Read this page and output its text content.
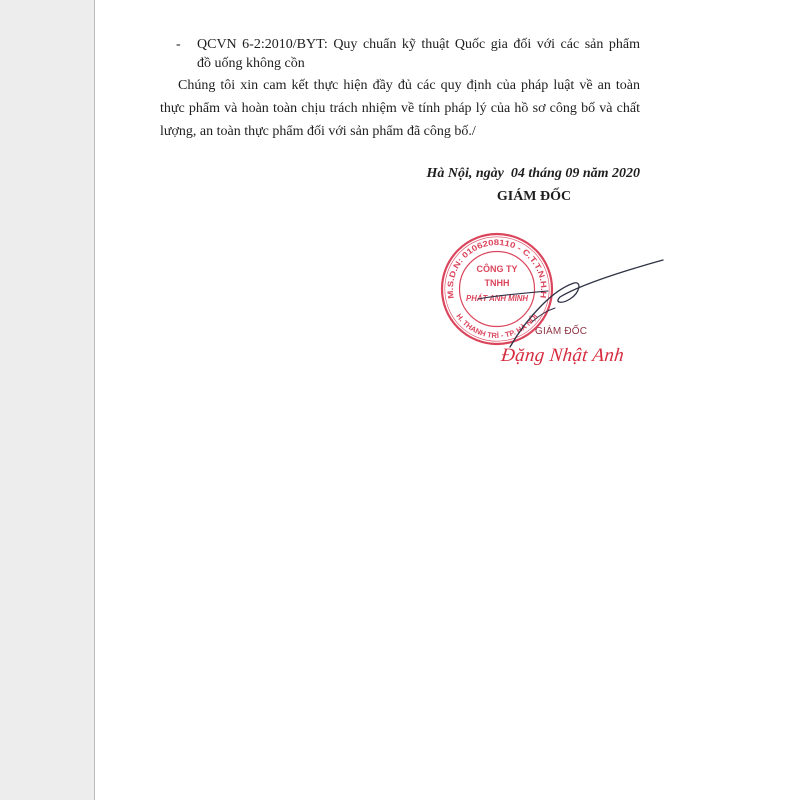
-	QCVN 6-2:2010/BYT: Quy chuẩn kỹ thuật Quốc gia đối với các sản phẩm
đồ uống không cồn
Chúng tôi xin cam kết thực hiện đầy đủ các quy định của pháp luật về an toàn
thực phẩm và hoàn toàn chịu trách nhiệm về tính pháp lý của hồ sơ công bố và chất
lượng, an toàn thực phẩm đối với sản phẩm đã công bố./
Hà Nội, ngày  04 tháng 09 năm 2020
GIÁM ĐỐC
GIÁM ĐỐC
Đặng Nhật Anh
M.S.D.N: 0106208110 - C.T.T.N.H.H
H. THANH TRÌ - TP. HÀ NỘI
CÔNG TY
TNHH
PHÁT ANH MINH
